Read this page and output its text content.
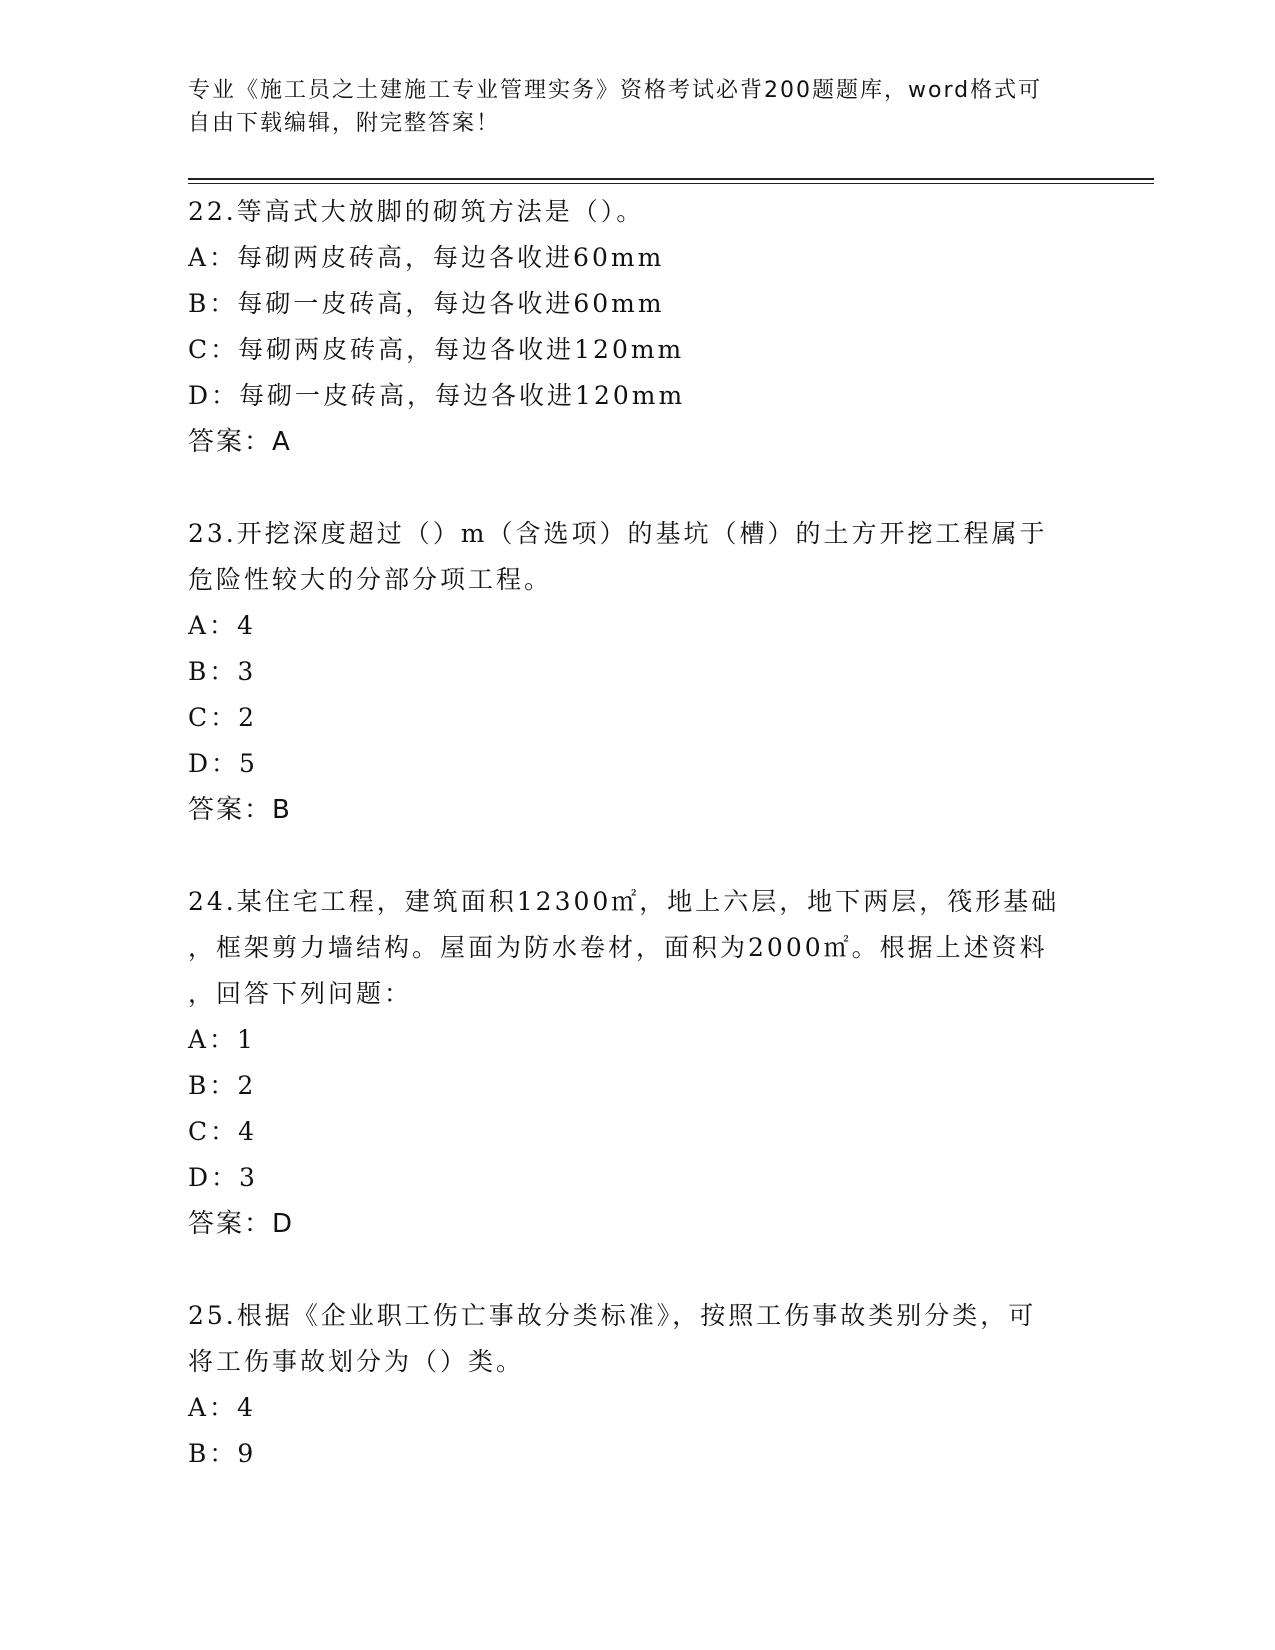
专业《施工员之土建施工专业管理实务》资格考试必背200题题库，word格式可
自由下载编辑，附完整答案！
22.等高式大放脚的砌筑方法是（）。
A：每砌两皮砖高，每边各收进60mm
B：每砌一皮砖高，每边各收进60mm
C：每砌两皮砖高，每边各收进120mm
D：每砌一皮砖高，每边各收进120mm
答案：A
23.开挖深度超过（）m（含选项）的基坑（槽）的土方开挖工程属于
危险性较大的分部分项工程。
A：4
B：3
C：2
D：5
答案：B
24.某住宅工程，建筑面积12300㎡，地上六层，地下两层，筏形基础
，框架剪力墙结构。屋面为防水卷材，面积为2000㎡。根据上述资料
，回答下列问题：
A：1
B：2
C：4
D：3
答案：D
25.根据《企业职工伤亡事故分类标准》，按照工伤事故类别分类，可
将工伤事故划分为（）类。
A：4
B：9
